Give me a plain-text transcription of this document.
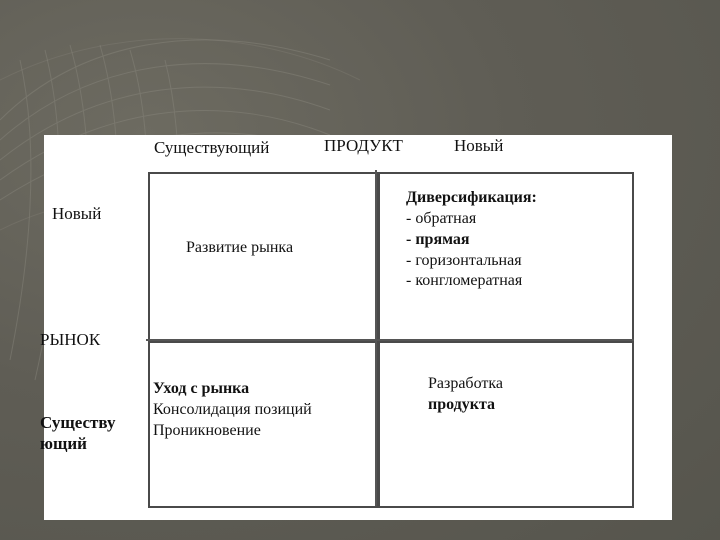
Существующий	ПРОДУКТ	Новый
Новый
РЫНОК
Существу
ющий
Развитие рынка
Диверсификация:
- обратная
- прямая
- горизонтальная
- конгломератная
Уход с рынка
Консолидация позиций
Проникновение
Разработка
продукта
